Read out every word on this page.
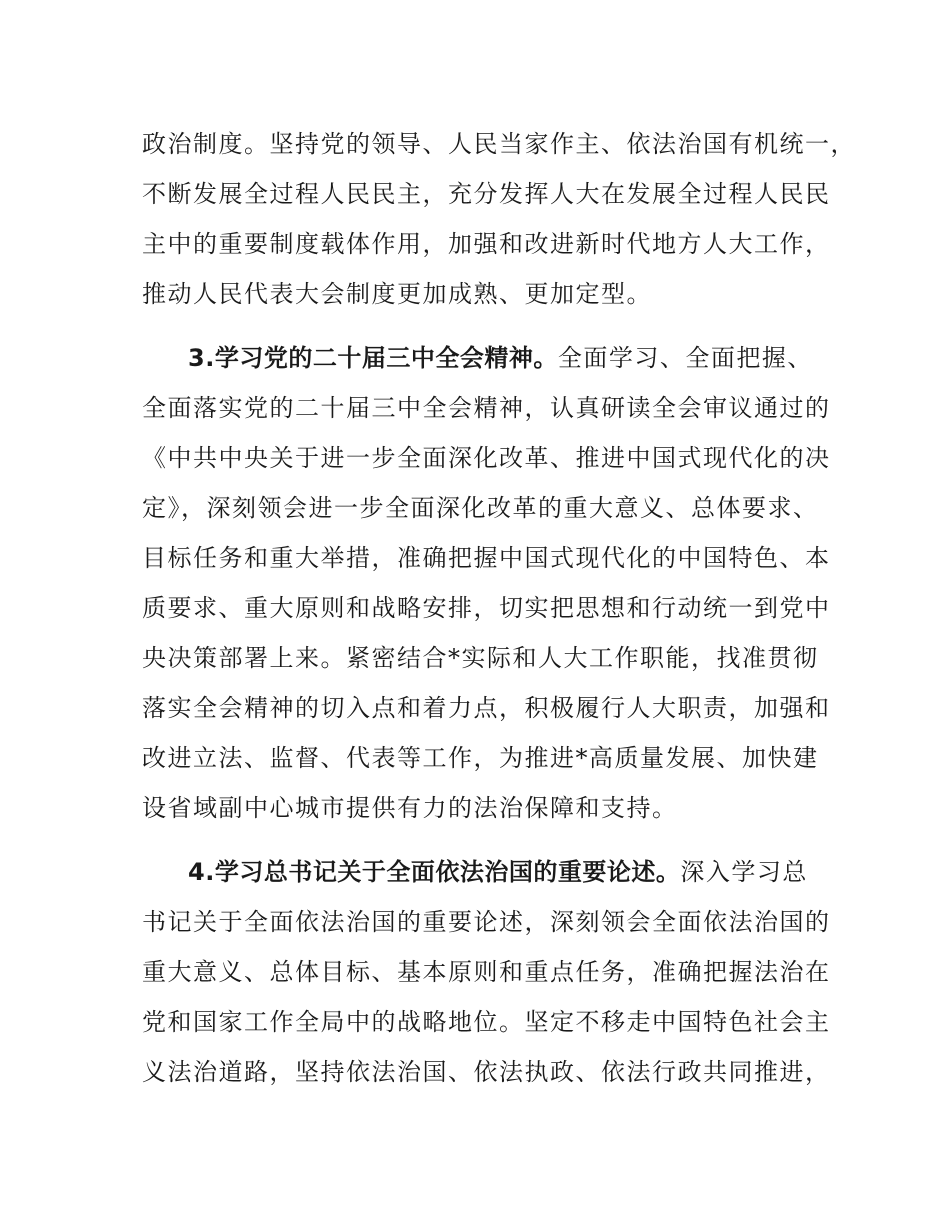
政治制度。坚持党的领导、人民当家作主、依法治国有机统一，
不断发展全过程人民民主，充分发挥人大在发展全过程人民民
主中的重要制度载体作用，加强和改进新时代地方人大工作，
推动人民代表大会制度更加成熟、更加定型。
3.学习党的二十届三中全会精神。全面学习、全面把握、
全面落实党的二十届三中全会精神，认真研读全会审议通过的
《中共中央关于进一步全面深化改革、推进中国式现代化的决
定》，深刻领会进一步全面深化改革的重大意义、总体要求、
目标任务和重大举措，准确把握中国式现代化的中国特色、本
质要求、重大原则和战略安排，切实把思想和行动统一到党中
央决策部署上来。紧密结合*实际和人大工作职能，找准贯彻
落实全会精神的切入点和着力点，积极履行人大职责，加强和
改进立法、监督、代表等工作，为推进*高质量发展、加快建
设省域副中心城市提供有力的法治保障和支持。
4.学习总书记关于全面依法治国的重要论述。深入学习总
书记关于全面依法治国的重要论述，深刻领会全面依法治国的
重大意义、总体目标、基本原则和重点任务，准确把握法治在
党和国家工作全局中的战略地位。坚定不移走中国特色社会主
义法治道路，坚持依法治国、依法执政、依法行政共同推进，
